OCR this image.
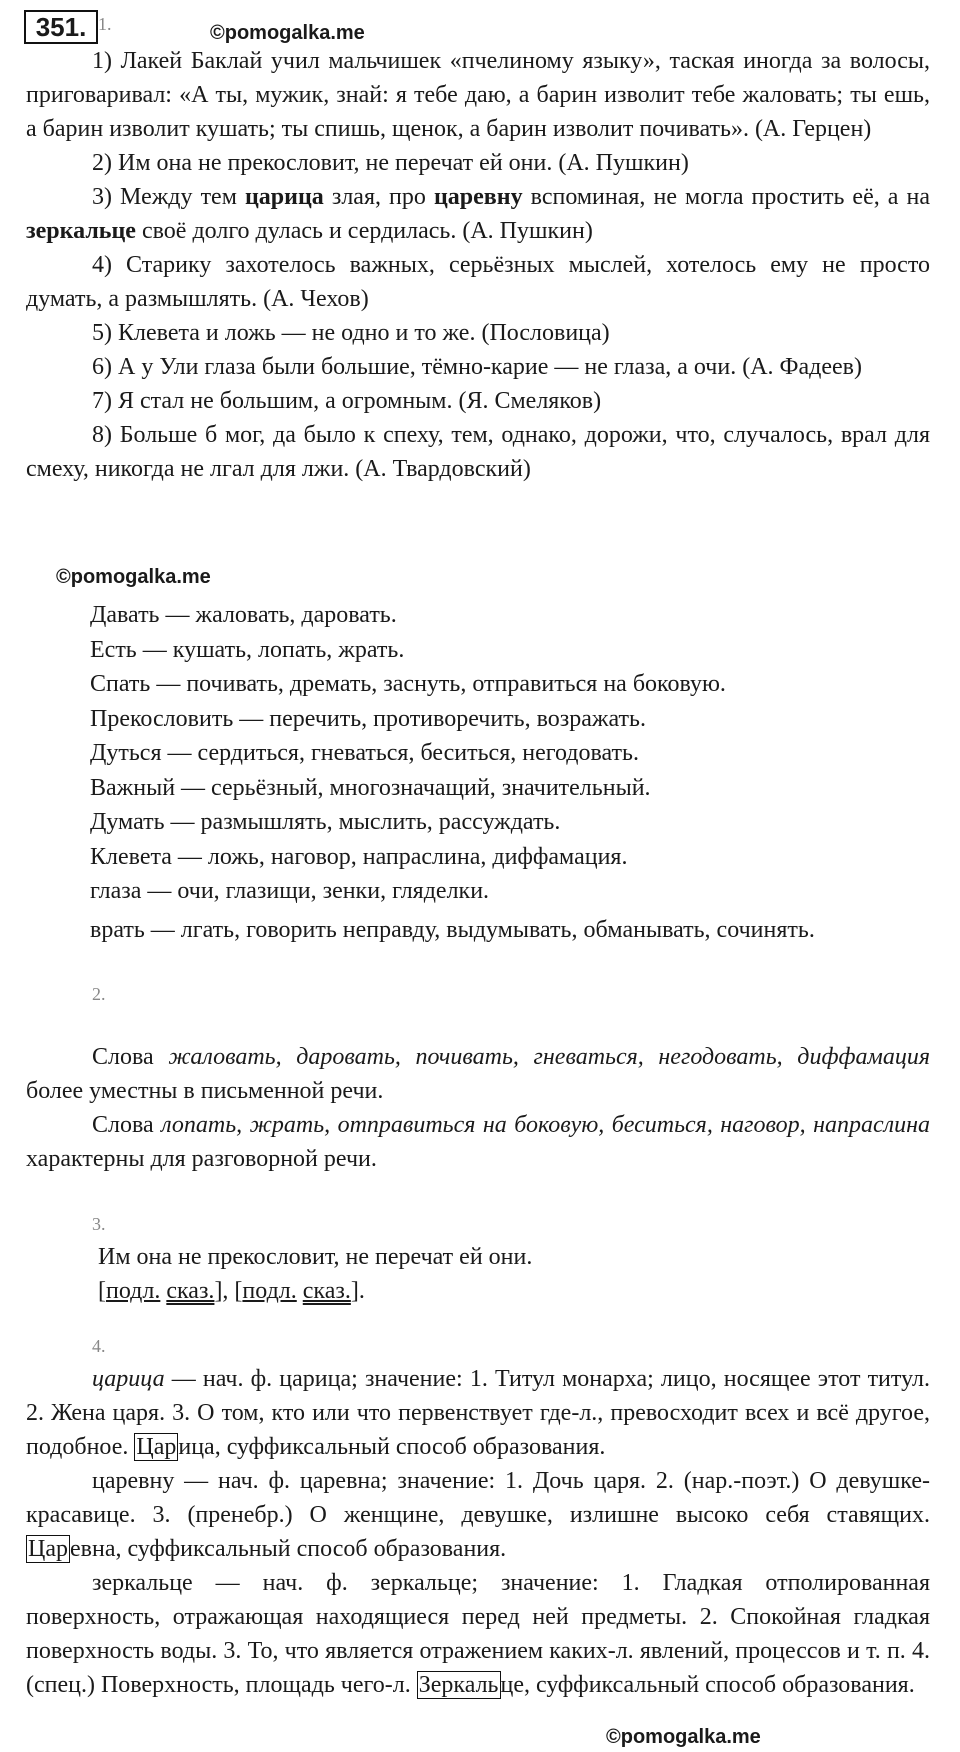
351. 1.	©pomogalka.me

1) Лакей Баклай учил мальчишек «пчелиному языку», таская иногда за волосы, приговаривал: «А ты, мужик, знай: я тебе даю, а барин изволит тебе жаловать; ты ешь, а барин изволит кушать; ты спишь, щенок, а барин изволит почивать». (А. Герцен)

2) Им она не прекословит, не перечат ей они. (А. Пушкин)

3) Между тем царица злая, про царевну вспоминая, не могла простить её, а на зеркальце своё долго дулась и сердилась. (А. Пушкин)

4) Старику захотелось важных, серьёзных мыслей, хотелось ему не просто думать, а размышлять. (А. Чехов)

5) Клевета и ложь — не одно и то же. (Пословица)

6) А у Ули глаза были большие, тёмно-карие — не глаза, а очи. (А. Фадеев)

7) Я стал не большим, а огромным. (Я. Смеляков)

8) Больше б мог, да было к спеху, тем, однако, дорожи, что, случалось, врал для смеху, никогда не лгал для лжи. (А. Твардовский)

©pomogalka.me
Давать — жаловать, даровать.
Есть — кушать, лопать, жрать.
Спать — почивать, дремать, заснуть, отправиться на боковую.
Прекословить — перечить, противоречить, возражать.
Дуться — сердиться, гневаться, беситься, негодовать.
Важный — серьёзный, многозначащий, значительный.
Думать — размышлять, мыслить, рассуждать.
Клевета — ложь, наговор, напраслина, диффамация.
глаза — очи, глазищи, зенки, гляделки.
врать — лгать, говорить неправду, выдумывать, обманывать, сочинять.
2.

Слова жаловать, даровать, почивать, гневаться, негодовать, диффамация более уместны в письменной речи.

Слова лопать, жрать, отправиться на боковую, беситься, наговор, напраслина характерны для разговорной речи.

3.
Им она не прекословит, не перечат ей они.
[подл. сказ.], [подл. сказ.].
4.

царица — нач. ф. царица; значение: 1. Титул монарха; лицо, носящее этот титул. 2. Жена царя. 3. О том, кто или что первенствует где-л., превосходит всех и всё другое, подобное. Царица, суффиксальный способ образования.

царевну — нач. ф. царевна; значение: 1. Дочь царя. 2. (нар.-поэт.) О девушке-красавице. 3. (пренебр.) О женщине, девушке, излишне высоко себя ставящих. Царевна, суффиксальный способ образования.

зеркальце — нач. ф. зеркальце; значение: 1. Гладкая отполированная поверхность, отражающая находящиеся перед ней предметы. 2. Спокойная гладкая поверхность воды. 3. То, что является отражением каких-л. явлений, процессов и т. п. 4. (спец.) Поверхность, площадь чего-л. Зеркальце, суффиксальный способ образования.

©pomogalka.me
